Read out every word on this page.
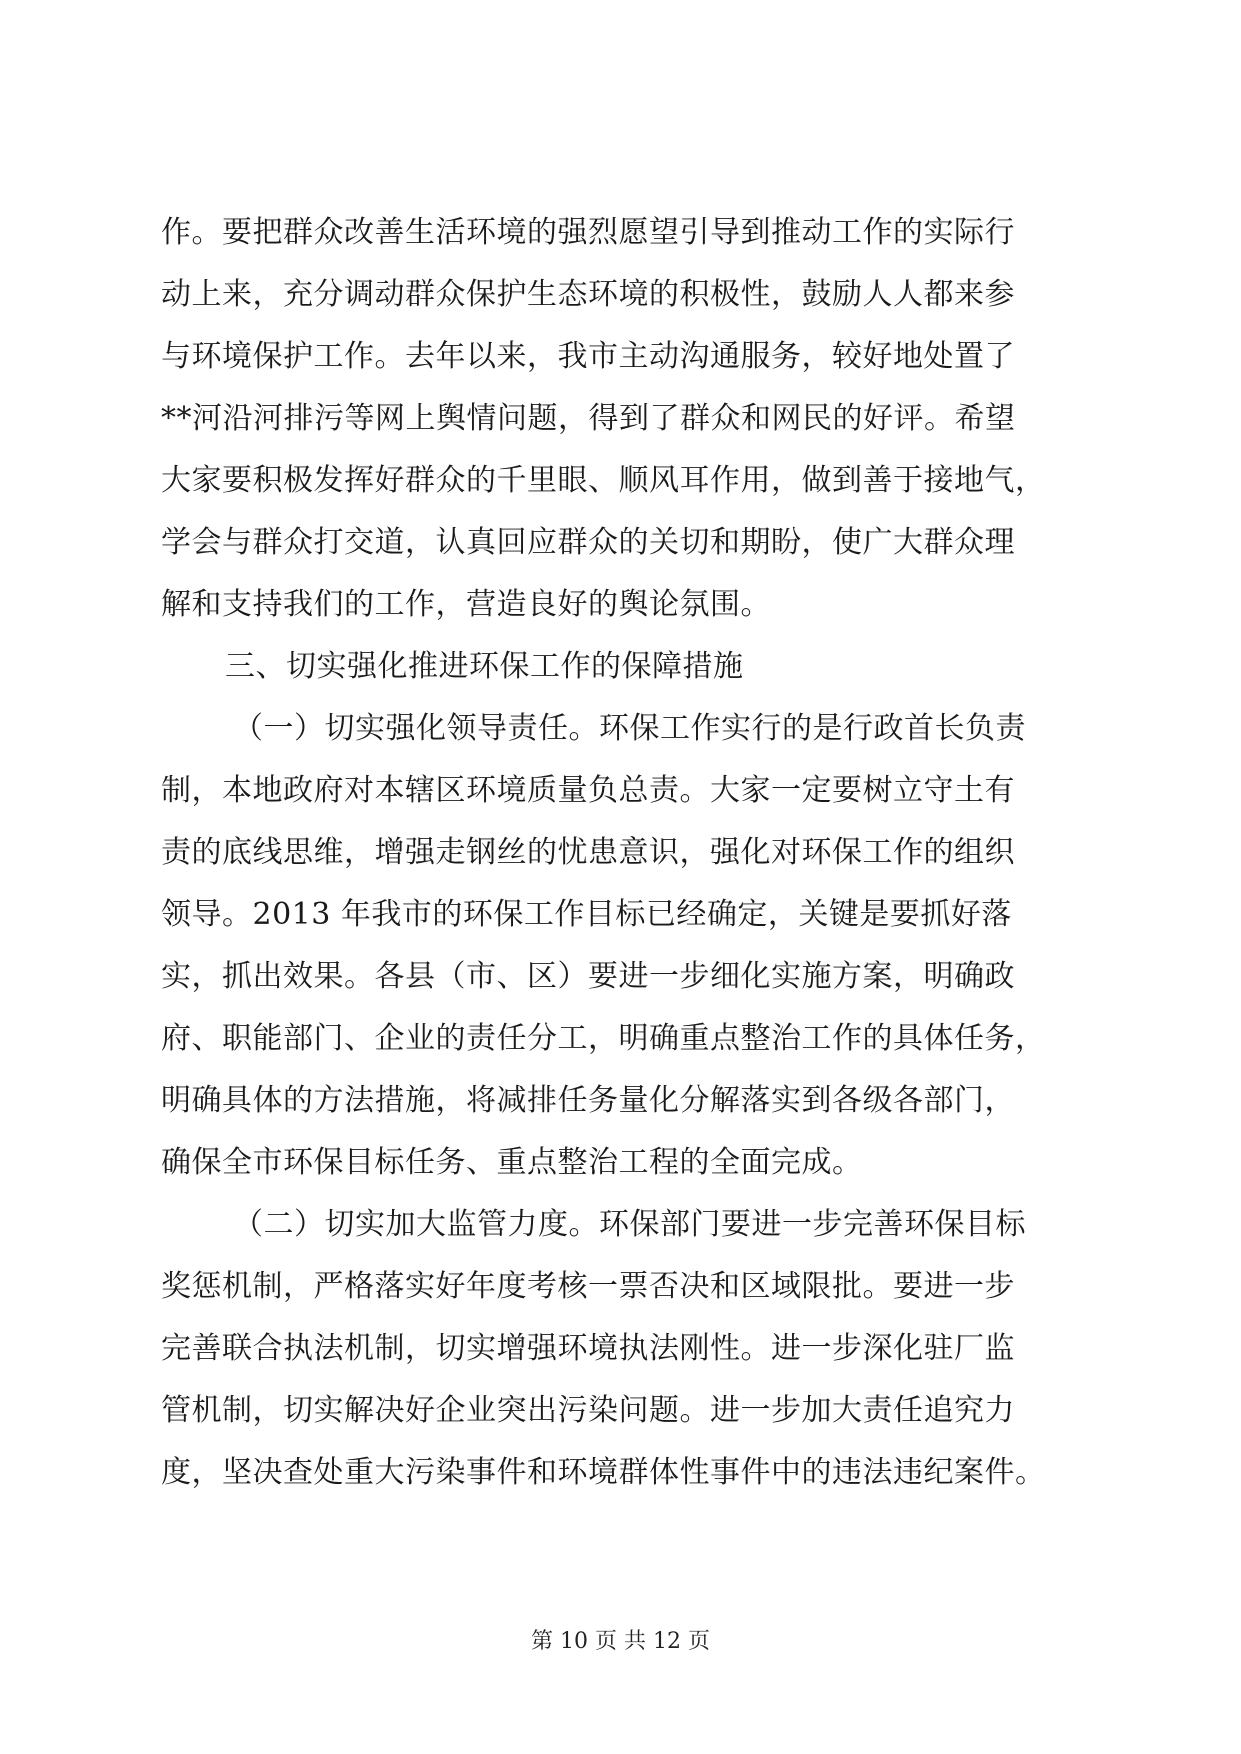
作。要把群众改善生活环境的强烈愿望引导到推动工作的实际行
动上来，充分调动群众保护生态环境的积极性，鼓励人人都来参
与环境保护工作。去年以来，我市主动沟通服务，较好地处置了
**河沿河排污等网上舆情问题，得到了群众和网民的好评。希望
大家要积极发挥好群众的千里眼、顺风耳作用，做到善于接地气，
学会与群众打交道，认真回应群众的关切和期盼，使广大群众理
解和支持我们的工作，营造良好的舆论氛围。
三、切实强化推进环保工作的保障措施
（一）切实强化领导责任。环保工作实行的是行政首长负责
制，本地政府对本辖区环境质量负总责。大家一定要树立守土有
责的底线思维，增强走钢丝的忧患意识，强化对环保工作的组织
领导。2013 年我市的环保工作目标已经确定，关键是要抓好落
实，抓出效果。各县（市、区）要进一步细化实施方案，明确政
府、职能部门、企业的责任分工，明确重点整治工作的具体任务，
明确具体的方法措施，将减排任务量化分解落实到各级各部门，
确保全市环保目标任务、重点整治工程的全面完成。
（二）切实加大监管力度。环保部门要进一步完善环保目标
奖惩机制，严格落实好年度考核一票否决和区域限批。要进一步
完善联合执法机制，切实增强环境执法刚性。进一步深化驻厂监
管机制，切实解决好企业突出污染问题。进一步加大责任追究力
度，坚决查处重大污染事件和环境群体性事件中的违法违纪案件。
第 10 页 共 12 页
